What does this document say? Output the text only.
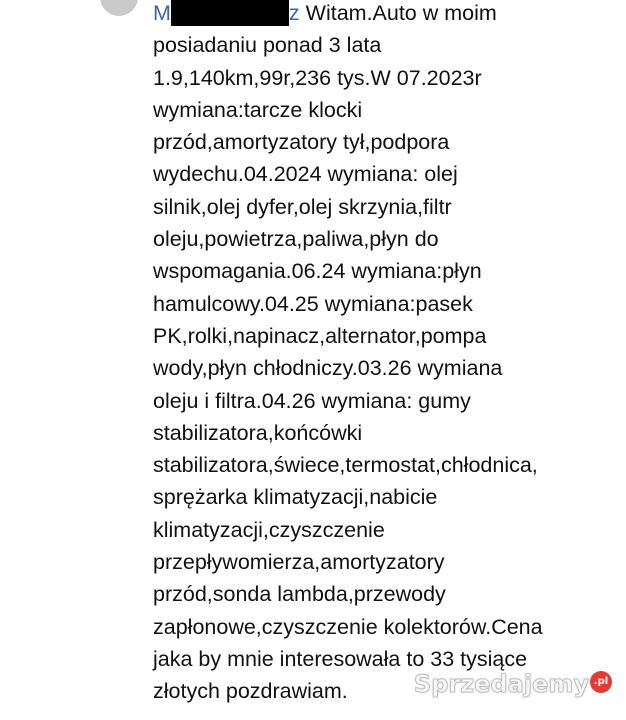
M	z Witam.Auto w moim
posiadaniu ponad 3 lata
1.9,140km,99r,236 tys.W 07.2023r
wymiana:tarcze klocki
przód,amortyzatory tył,podpora
wydechu.04.2024 wymiana: olej
silnik,olej dyfer,olej skrzynia,filtr
oleju,powietrza,paliwa,płyn do
wspomagania.06.24 wymiana:płyn
hamulcowy.04.25 wymiana:pasek
PK,rolki,napinacz,alternator,pompa
wody,płyn chłodniczy.03.26 wymiana
oleju i filtra.04.26 wymiana: gumy
stabilizatora,końcówki
stabilizatora,świece,termostat,chłodnica,
sprężarka klimatyzacji,nabicie
klimatyzacji,czyszczenie
przepływomierza,amortyzatory
przód,sonda lambda,przewody
zapłonowe,czyszczenie kolektorów.Cena
jaka by mnie interesowała to 33 tysiące
złotych pozdrawiam.	Sprzedajemy .pl
